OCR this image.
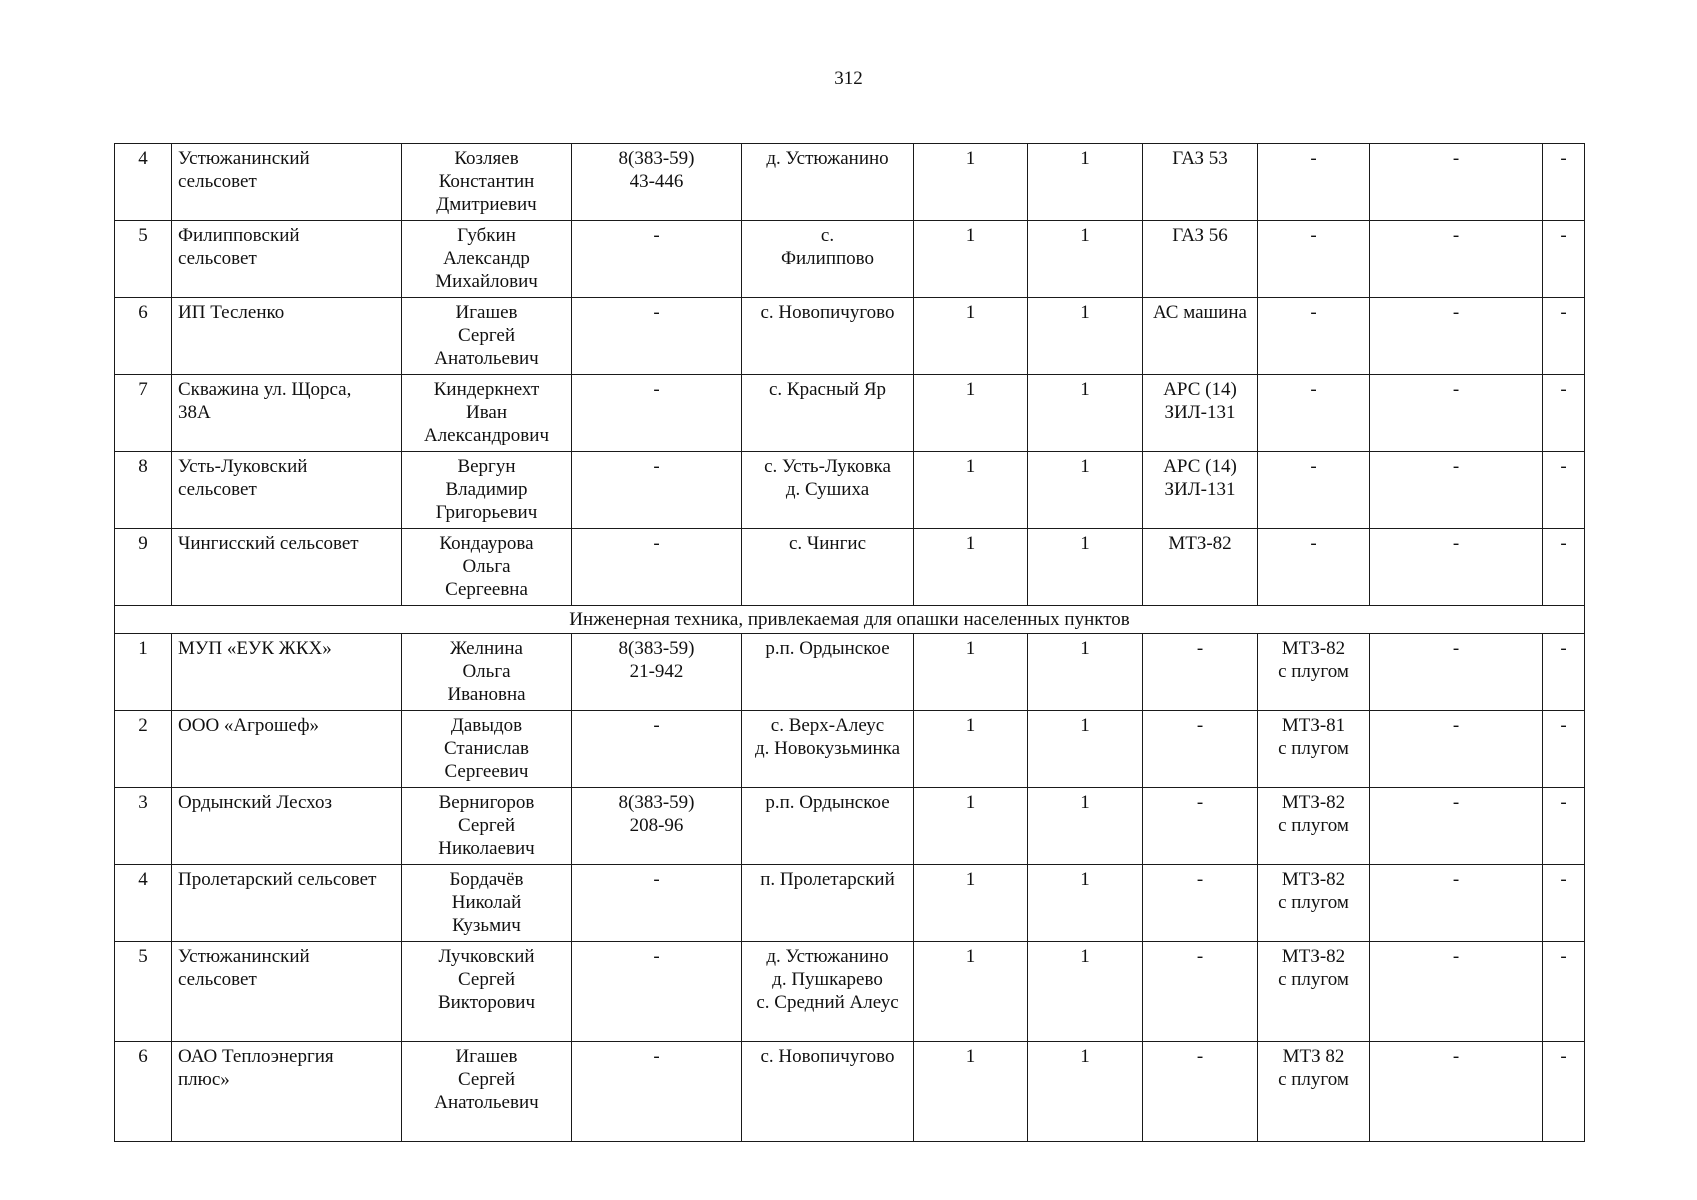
312
4	Устюжанинский
сельсовет	Козляев
Константин
Дмитриевич	8(383-59)
43-446	д. Устюжанино	1	1	ГАЗ 53	-	-	-
5	Филипповский
сельсовет	Губкин
Александр
Михайлович	-	с.
Филиппово	1	1	ГАЗ 56	-	-	-
6	ИП Тесленко	Игашев
Сергей
Анатольевич	-	с. Новопичугово	1	1	АС машина	-	-	-
7	Скважина ул. Щорса,
38А	Киндеркнехт
Иван
Александрович	-	с. Красный Яр	1	1	АРС (14)
ЗИЛ-131	-	-	-
8	Усть-Луковский
сельсовет	Вергун
Владимир
Григорьевич	-	с. Усть-Луковка
д. Сушиха	1	1	АРС (14)
ЗИЛ-131	-	-	-
9	Чингисский сельсовет	Кондаурова
Ольга
Сергеевна	-	с. Чингис	1	1	МТЗ-82	-	-	-
Инженерная техника, привлекаемая для опашки населенных пунктов										
1	МУП «ЕУК ЖКХ»	Желнина
Ольга
Ивановна	8(383-59)
21-942	р.п. Ордынское	1	1	-	МТЗ-82
с плугом	-	-
2	ООО «Агрошеф»	Давыдов
Станислав
Сергеевич	-	с. Верх-Алеус
д. Новокузьминка	1	1	-	МТЗ-81
с плугом	-	-
3	Ордынский Лесхоз	Вернигоров
Сергей
Николаевич	8(383-59)
208-96	р.п. Ордынское	1	1	-	МТЗ-82
с плугом	-	-
4	Пролетарский сельсовет	Бордачёв
Николай
Кузьмич	-	п. Пролетарский	1	1	-	МТЗ-82
с плугом	-	-
5	Устюжанинский
сельсовет	Лучковский
Сергей
Викторович	-	д. Устюжанино
д. Пушкарево
с. Средний Алеус	1	1	-	МТЗ-82
с плугом	-	-
6	ОАО Теплоэнергия
плюс»	Игашев
Сергей
Анатольевич	-	с. Новопичугово	1	1	-	МТЗ 82
с плугом	-	-
